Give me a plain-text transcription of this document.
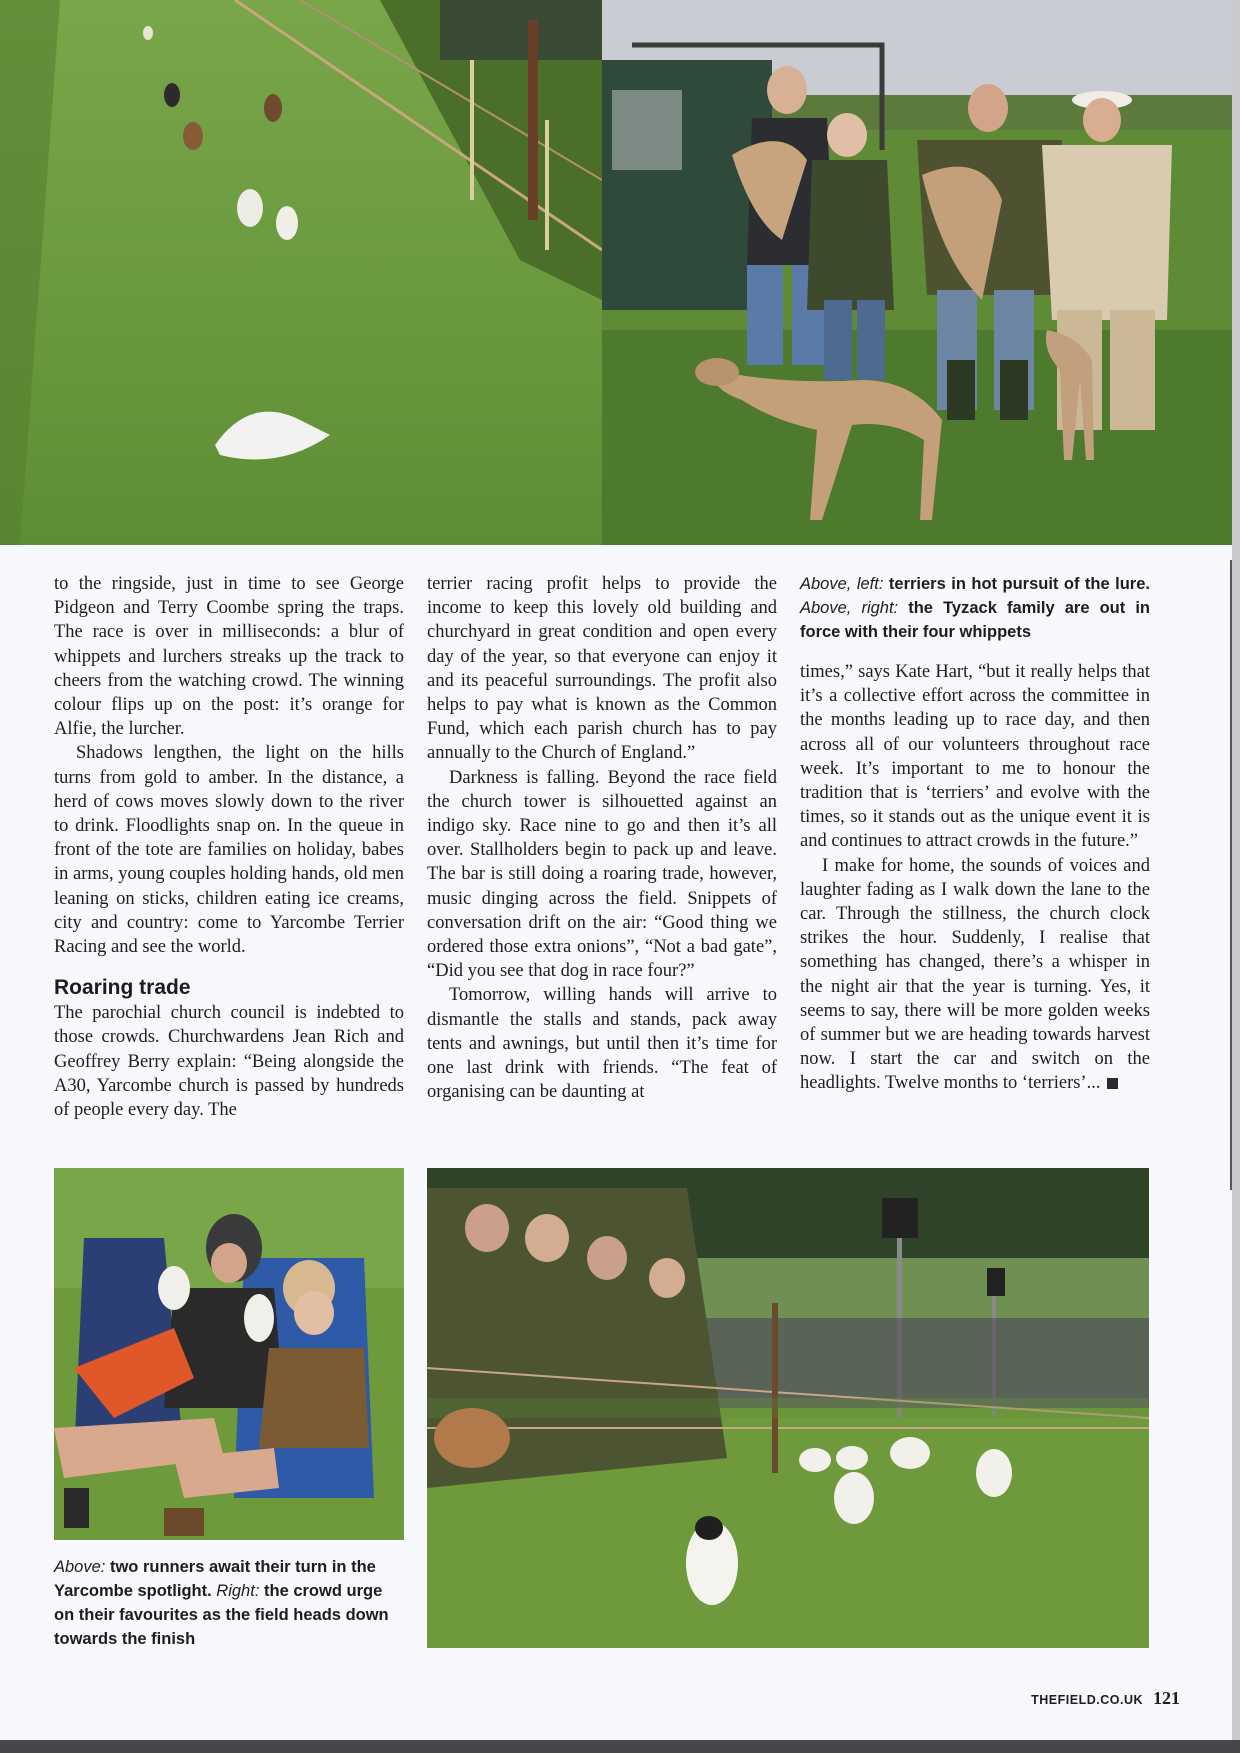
to the ringside, just in time to see George Pidgeon and Terry Coombe spring the traps. The race is over in milliseconds: a blur of whippets and lurchers streaks up the track to cheers from the watching crowd. The winning colour flips up on the post: it’s orange for Alfie, the lurcher.

Shadows lengthen, the light on the hills turns from gold to amber. In the distance, a herd of cows moves slowly down to the river to drink. Floodlights snap on. In the queue in front of the tote are families on holiday, babes in arms, young couples holding hands, old men leaning on sticks, children eating ice creams, city and country: come to Yarcombe Terrier Racing and see the world.

Roaring trade

The parochial church council is indebted to those crowds. Churchwardens Jean Rich and Geoffrey Berry explain: “Being alongside the A30, Yarcombe church is passed by hundreds of people every day. The

terrier racing profit helps to provide the income to keep this lovely old building and churchyard in great condition and open every day of the year, so that everyone can enjoy it and its peaceful surroundings. The profit also helps to pay what is known as the Common Fund, which each parish church has to pay annually to the Church of England.”

Darkness is falling. Beyond the race field the church tower is silhouetted against an indigo sky. Race nine to go and then it’s all over. Stallholders begin to pack up and leave. The bar is still doing a roaring trade, however, music dinging across the field. Snippets of conversation drift on the air: “Good thing we ordered those extra onions”, “Not a bad gate”, “Did you see that dog in race four?”

Tomorrow, willing hands will arrive to dismantle the stalls and stands, pack away tents and awnings, but until then it’s time for one last drink with friends. “The feat of organising can be daunting at

Above, left: terriers in hot pursuit of the lure. Above, right: the Tyzack family are out in force with their four whippets

times,” says Kate Hart, “but it really helps that it’s a collective effort across the committee in the months leading up to race day, and then across all of our volunteers throughout race week. It’s important to me to honour the tradition that is ‘terriers’ and evolve with the times, so it stands out as the unique event it is and continues to attract crowds in the future.”

I make for home, the sounds of voices and laughter fading as I walk down the lane to the car. Through the stillness, the church clock strikes the hour. Suddenly, I realise that something has changed, there’s a whisper in the night air that the year is turning. Yes, it seems to say, there will be more golden weeks of summer but we are heading towards harvest now. I start the car and switch on the headlights. Twelve months to ‘terriers’...

Above: two runners await their turn in the Yarcombe spotlight. Right: the crowd urge on their favourites as the field heads down towards the finish
THEFIELD.CO.UK 121
